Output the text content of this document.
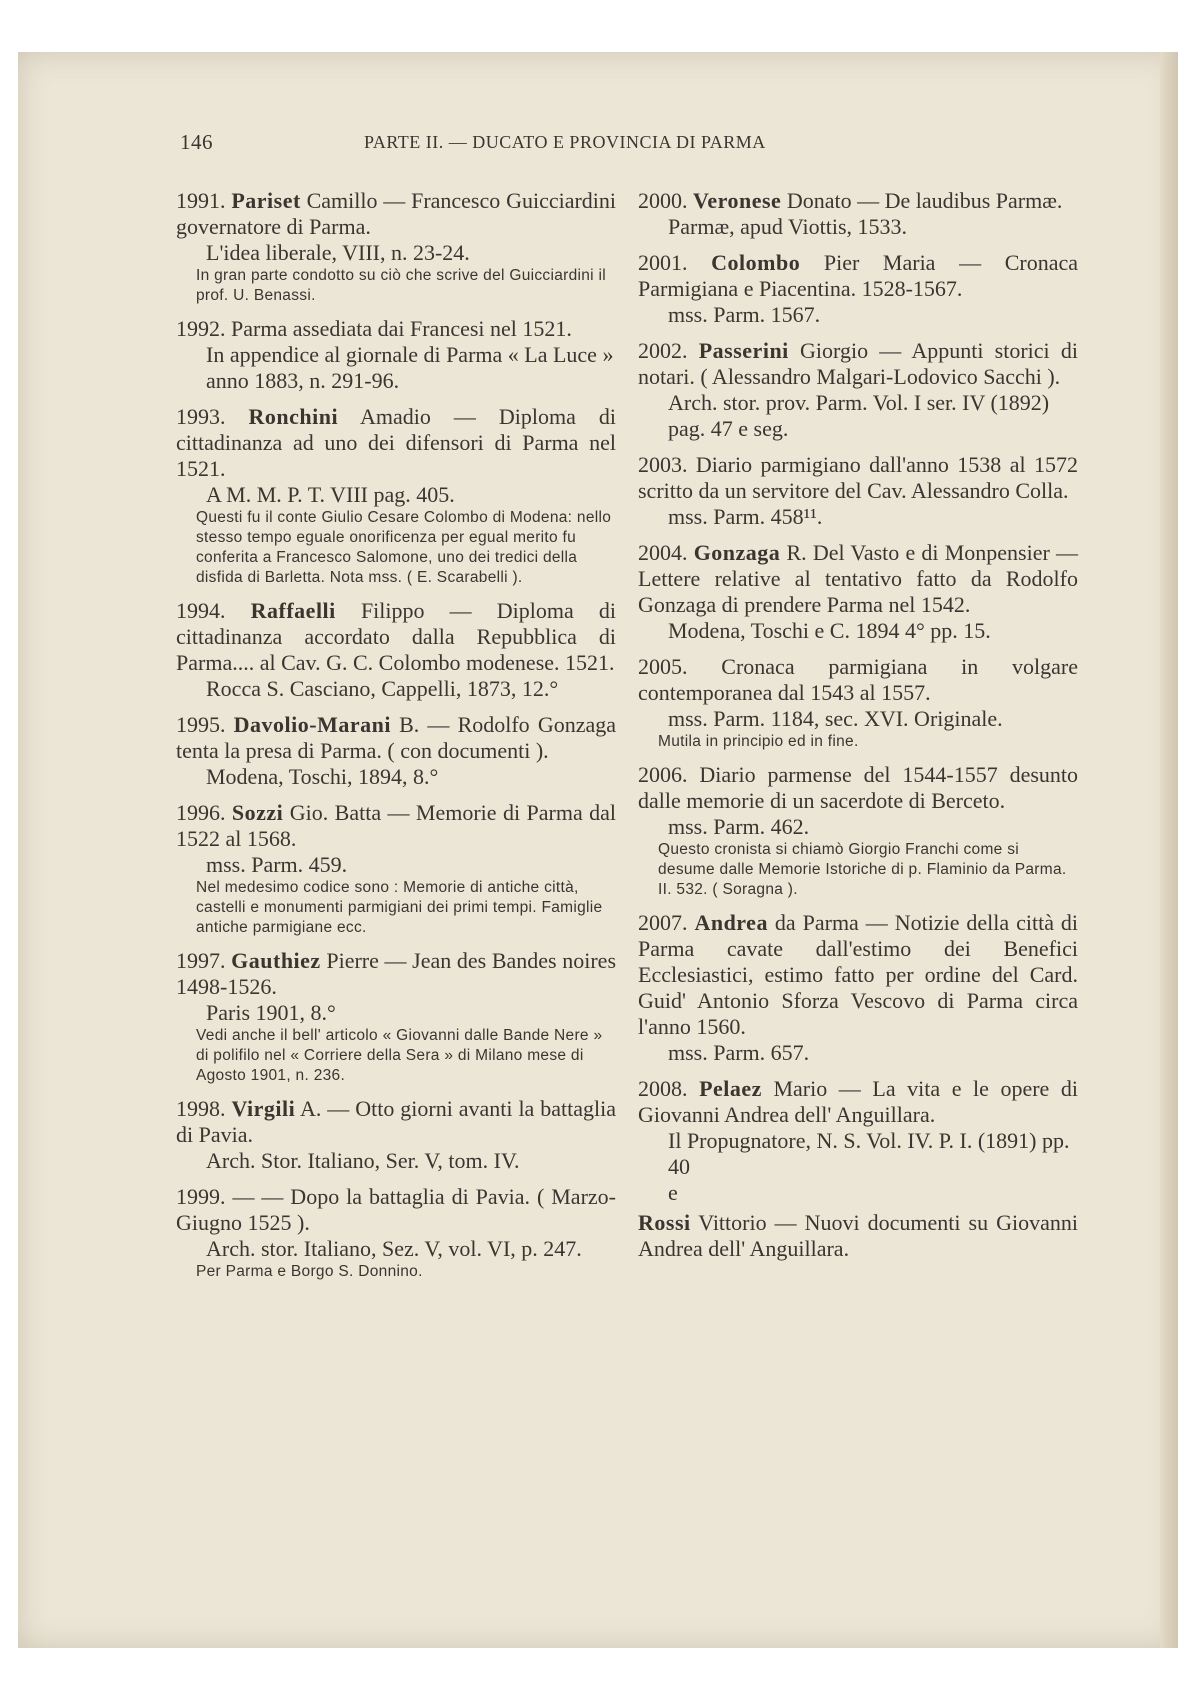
146	PARTE II. — DUCATO E PROVINCIA DI PARMA
1991. Pariset Camillo — Francesco Guicciardini governatore di Parma.
L'idea liberale, VIII, n. 23-24.
In gran parte condotto su ciò che scrive del Guicciardini il prof. U. Benassi.
1992. Parma assediata dai Francesi nel 1521.
In appendice al giornale di Parma « La Luce » anno 1883, n. 291-96.
1993. Ronchini Amadio — Diploma di cittadinanza ad uno dei difensori di Parma nel 1521.
A M. M. P. T. VIII pag. 405.
Questi fu il conte Giulio Cesare Colombo di Modena: nello stesso tempo eguale onorificenza per egual merito fu conferita a Francesco Salomone, uno dei tredici della disfida di Barletta. Nota mss. ( E. Scarabelli ).
1994. Raffaelli Filippo — Diploma di cittadinanza accordato dalla Repubblica di Parma.... al Cav. G. C. Colombo modenese. 1521.
Rocca S. Casciano, Cappelli, 1873, 12.°
1995. Davolio-Marani B. — Rodolfo Gonzaga tenta la presa di Parma. ( con documenti ).
Modena, Toschi, 1894, 8.°
1996. Sozzi Gio. Batta — Memorie di Parma dal 1522 al 1568.
mss. Parm. 459.
Nel medesimo codice sono : Memorie di antiche città, castelli e monumenti parmigiani dei primi tempi. Famiglie antiche parmigiane ecc.
1997. Gauthiez Pierre — Jean des Bandes noires 1498-1526.
Paris 1901, 8.°
Vedi anche il bell' articolo « Giovanni dalle Bande Nere » di polifilo nel « Corriere della Sera » di Milano mese di Agosto 1901, n. 236.
1998. Virgili A. — Otto giorni avanti la battaglia di Pavia.
Arch. Stor. Italiano, Ser. V, tom. IV.
1999. — — Dopo la battaglia di Pavia. ( Marzo-Giugno 1525 ).
Arch. stor. Italiano, Sez. V, vol. VI, p. 247.
Per Parma e Borgo S. Donnino.
2000. Veronese Donato — De laudibus Parmæ.
Parmæ, apud Viottis, 1533.
2001. Colombo Pier Maria — Cronaca Parmigiana e Piacentina. 1528-1567.
mss. Parm. 1567.
2002. Passerini Giorgio — Appunti storici di notari. ( Alessandro Malgari-Lodovico Sacchi ).
Arch. stor. prov. Parm. Vol. I ser. IV (1892) pag. 47 e seg.
2003. Diario parmigiano dall'anno 1538 al 1572 scritto da un servitore del Cav. Alessandro Colla.
mss. Parm. 458¹¹.
2004. Gonzaga R. Del Vasto e di Monpensier — Lettere relative al tentativo fatto da Rodolfo Gonzaga di prendere Parma nel 1542.
Modena, Toschi e C. 1894 4° pp. 15.
2005. Cronaca parmigiana in volgare contemporanea dal 1543 al 1557.
mss. Parm. 1184, sec. XVI. Originale.
Mutila in principio ed in fine.
2006. Diario parmense del 1544-1557 desunto dalle memorie di un sacerdote di Berceto.
mss. Parm. 462.
Questo cronista si chiamò Giorgio Franchi come si desume dalle Memorie Istoriche di p. Flaminio da Parma. II. 532. ( Soragna ).
2007. Andrea da Parma — Notizie della città di Parma cavate dall'estimo dei Benefici Ecclesiastici, estimo fatto per ordine del Card. Guid' Antonio Sforza Vescovo di Parma circa l'anno 1560.
mss. Parm. 657.
2008. Pelaez Mario — La vita e le opere di Giovanni Andrea dell' Anguillara.
Il Propugnatore, N. S. Vol. IV. P. I. (1891) pp. 40
e
Rossi Vittorio — Nuovi documenti su Giovanni Andrea dell' Anguillara.
